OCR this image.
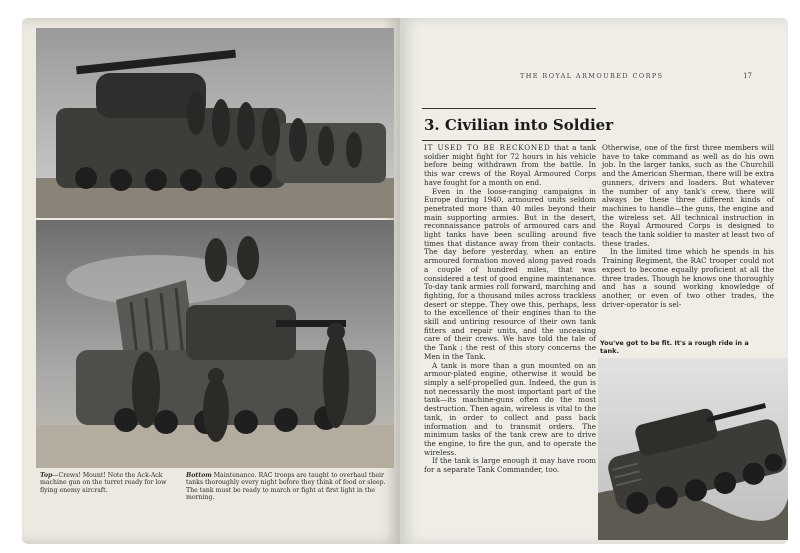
Top—Crews! Mount! Note the Ack-Ack machine gun on the turret ready for low flying enemy aircraft.
Bottom Maintenance. RAC troops are taught to overhaul their tanks thoroughly every night before they think of food or sleep. The tank must be ready to march or fight at first light in the morning.
THE ROYAL ARMOURED CORPS	17
3. Civilian into Soldier

IT USED TO BE RECKONED that a tank soldier might fight for 72 hours in his vehicle before being withdrawn from the battle. In this war crews of the Royal Armoured Corps have fought for a month on end.

Even in the loose-ranging campaigns in Europe during 1940, armoured units seldom penetrated more than 40 miles beyond their main supporting armies. But in the desert, reconnaissance patrols of armoured cars and light tanks have been sculling around five times that distance away from their contacts. The day before yesterday, when an entire armoured formation moved along paved roads a couple of hundred miles, that was considered a test of good engine maintenance. To-day tank armies roll forward, marching and fighting, for a thousand miles across trackless desert or steppe. They owe this, perhaps, less to the excellence of their engines than to the skill and untiring resource of their own tank fitters and repair units, and the unceasing care of their crews. We have told the tale of the Tank ; the rest of this story concerns the Men in the Tank.

A tank is more than a gun mounted on an armour-plated engine, otherwise it would be simply a self-propelled gun. Indeed, the gun is not necessarily the most important part of the tank—its machine-guns often do the most destruction. Then again, wireless is vital to the tank, in order to collect and pass back information and to transmit orders. The minimum tasks of the tank crew are to drive the engine, to fire the gun, and to operate the wireless.

If the tank is large enough it may have room for a separate Tank Commander, too.

Otherwise, one of the first three members will have to take command as well as do his own job. In the larger tanks, such as the Churchill and the American Sherman, there will be extra gunners, drivers and loaders. But whatever the number of any tank's crew, there will always be these three different kinds of machines to handle—the guns, the engine and the wireless set. All technical instruction in the Royal Armoured Corps is designed to teach the tank soldier to master at least two of these trades.

In the limited time which he spends in his Training Regiment, the RAC trooper could not expect to become equally proficient at all the three trades. Though he knows one thoroughly and has a sound working knowledge of another, or even of two other trades, the driver-operator is sel-

You've got to be fit. It's a rough ride in a tank.
